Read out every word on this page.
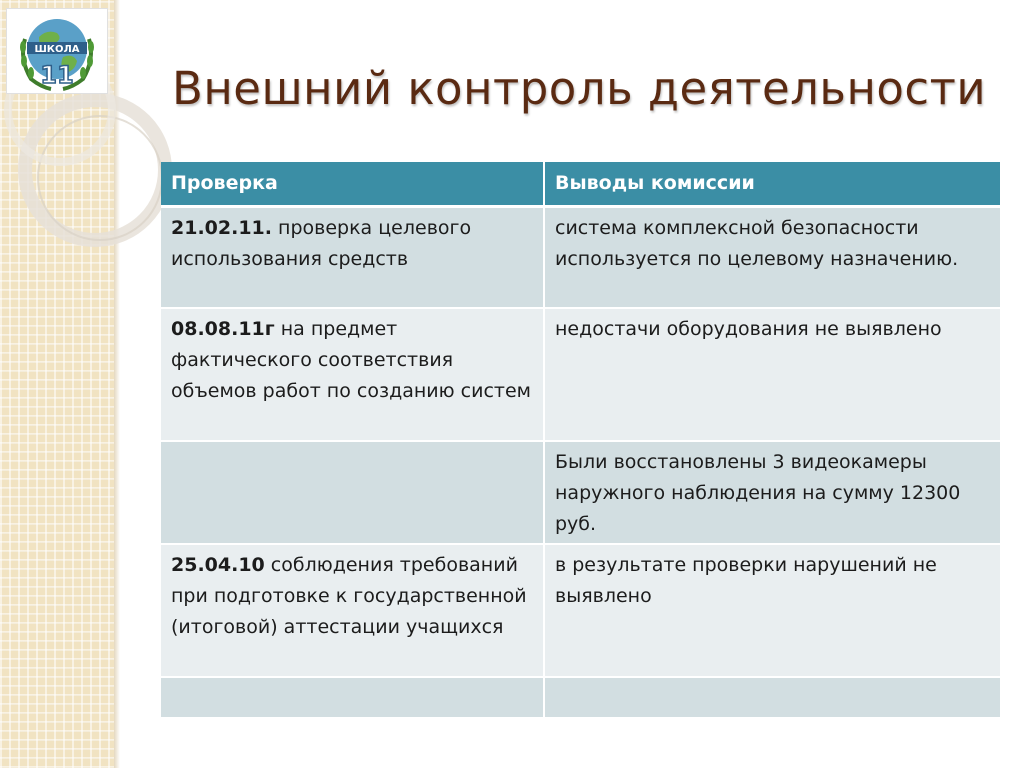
ШКОЛА
11 Внешний контроль деятельности
Проверка	Выводы комиссии
21.02.11. проверка целевого использования средств	система комплексной безопасности используется по целевому назначению.
08.08.11г на предмет фактического соответствия объемов работ по созданию систем	недостачи оборудования не выявлено
	Были восстановлены 3 видеокамеры наружного наблюдения на сумму 12300 руб.
25.04.10 соблюдения требований при подготовке к государственной (итоговой) аттестации учащихся	в результате проверки нарушений не выявлено
